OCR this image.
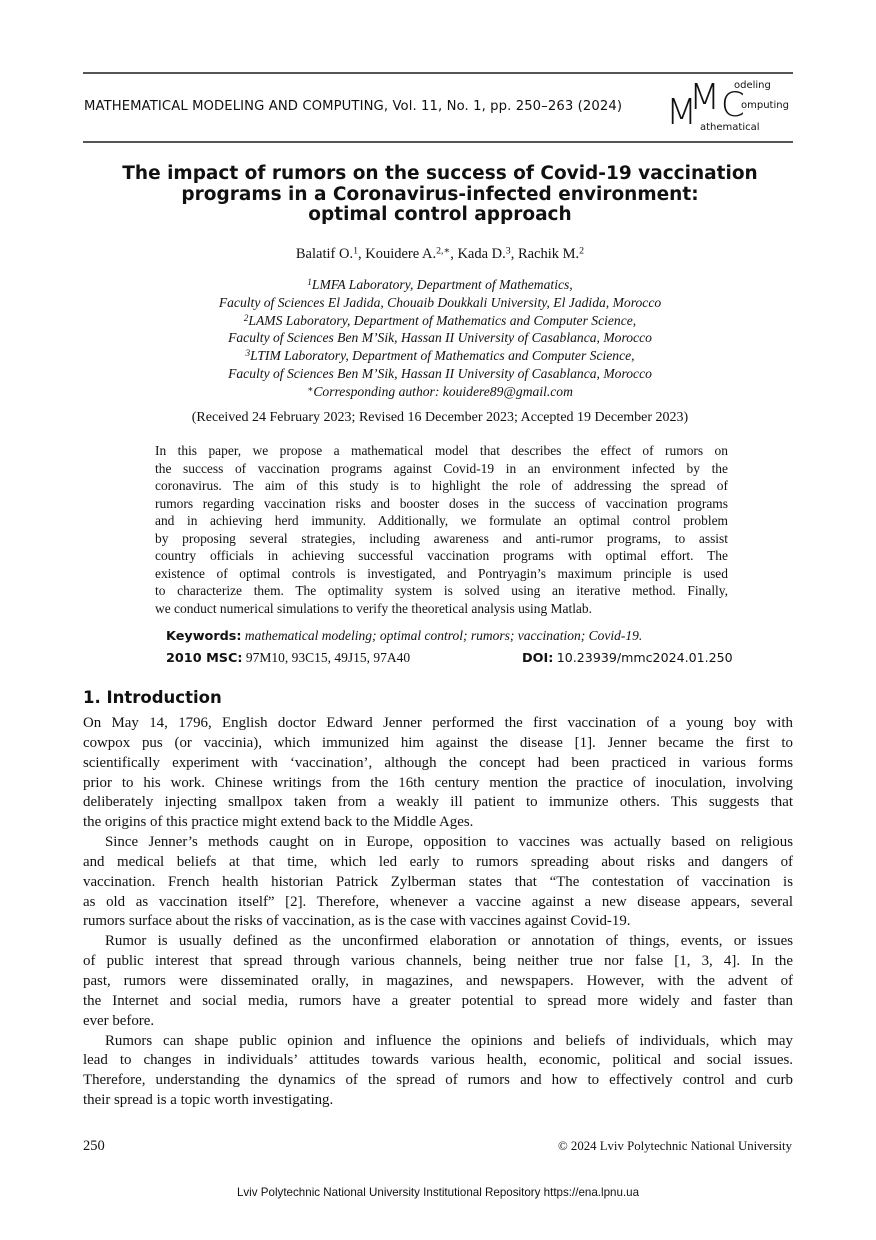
MATHEMATICAL MODELING AND COMPUTING, Vol. 11, No. 1, pp. 250–263 (2024) M
M C
odeling
omputing
athematical
The impact of rumors on the success of Covid-19 vaccination
programs in a Coronavirus-infected environment:
optimal control approach
Balatif O.$^1$, Kouidere A.$^{2,∗}$, Kada D.$^3$, Rachik M.$^2$
$^1$LMFA Laboratory, Department of Mathematics,
Faculty of Sciences El Jadida, Chouaib Doukkali University, El Jadida, Morocco
$^2$LAMS Laboratory, Department of Mathematics and Computer Science,
Faculty of Sciences Ben M’Sik, Hassan II University of Casablanca, Morocco
$^3$LTIM Laboratory, Department of Mathematics and Computer Science,
Faculty of Sciences Ben M’Sik, Hassan II University of Casablanca, Morocco
∗Corresponding author: kouidere89@gmail.com
(Received 24 February 2023; Revised 16 December 2023; Accepted 19 December 2023)
In this paper, we propose a mathematical model that describes the effect of rumors on
the success of vaccination programs against Covid-19 in an environment infected by the
coronavirus. The aim of this study is to highlight the role of addressing the spread of
rumors regarding vaccination risks and booster doses in the success of vaccination programs
and in achieving herd immunity. Additionally, we formulate an optimal control problem
by proposing several strategies, including awareness and anti-rumor programs, to assist
country officials in achieving successful vaccination programs with optimal effort. The
existence of optimal controls is investigated, and Pontryagin’s maximum principle is used
to characterize them. The optimality system is solved using an iterative method. Finally,
we conduct numerical simulations to verify the theoretical analysis using Matlab.
Keywords: mathematical modeling; optimal control; rumors; vaccination; Covid-19.
2010 MSC: 97M10, 93C15, 49J15, 97A40	DOI: 10.23939/mmc2024.01.250
1. Introduction
On May 14, 1796, English doctor Edward Jenner performed the first vaccination of a young boy with
cowpox pus (or vaccinia), which immunized him against the disease [1]. Jenner became the first to
scientifically experiment with ‘vaccination’, although the concept had been practiced in various forms
prior to his work. Chinese writings from the 16th century mention the practice of inoculation, involving
deliberately injecting smallpox taken from a weakly ill patient to immunize others. This suggests that
the origins of this practice might extend back to the Middle Ages.
Since Jenner’s methods caught on in Europe, opposition to vaccines was actually based on religious
and medical beliefs at that time, which led early to rumors spreading about risks and dangers of
vaccination. French health historian Patrick Zylberman states that “The contestation of vaccination is
as old as vaccination itself” [2]. Therefore, whenever a vaccine against a new disease appears, several
rumors surface about the risks of vaccination, as is the case with vaccines against Covid-19.
Rumor is usually defined as the unconfirmed elaboration or annotation of things, events, or issues
of public interest that spread through various channels, being neither true nor false [1, 3, 4]. In the
past, rumors were disseminated orally, in magazines, and newspapers. However, with the advent of
the Internet and social media, rumors have a greater potential to spread more widely and faster than
ever before.
Rumors can shape public opinion and influence the opinions and beliefs of individuals, which may
lead to changes in individuals’ attitudes towards various health, economic, political and social issues.
Therefore, understanding the dynamics of the spread of rumors and how to effectively control and curb
their spread is a topic worth investigating.
250	© 2024 Lviv Polytechnic National University
Lviv Polytechnic National University Institutional Repository https://ena.lpnu.ua
